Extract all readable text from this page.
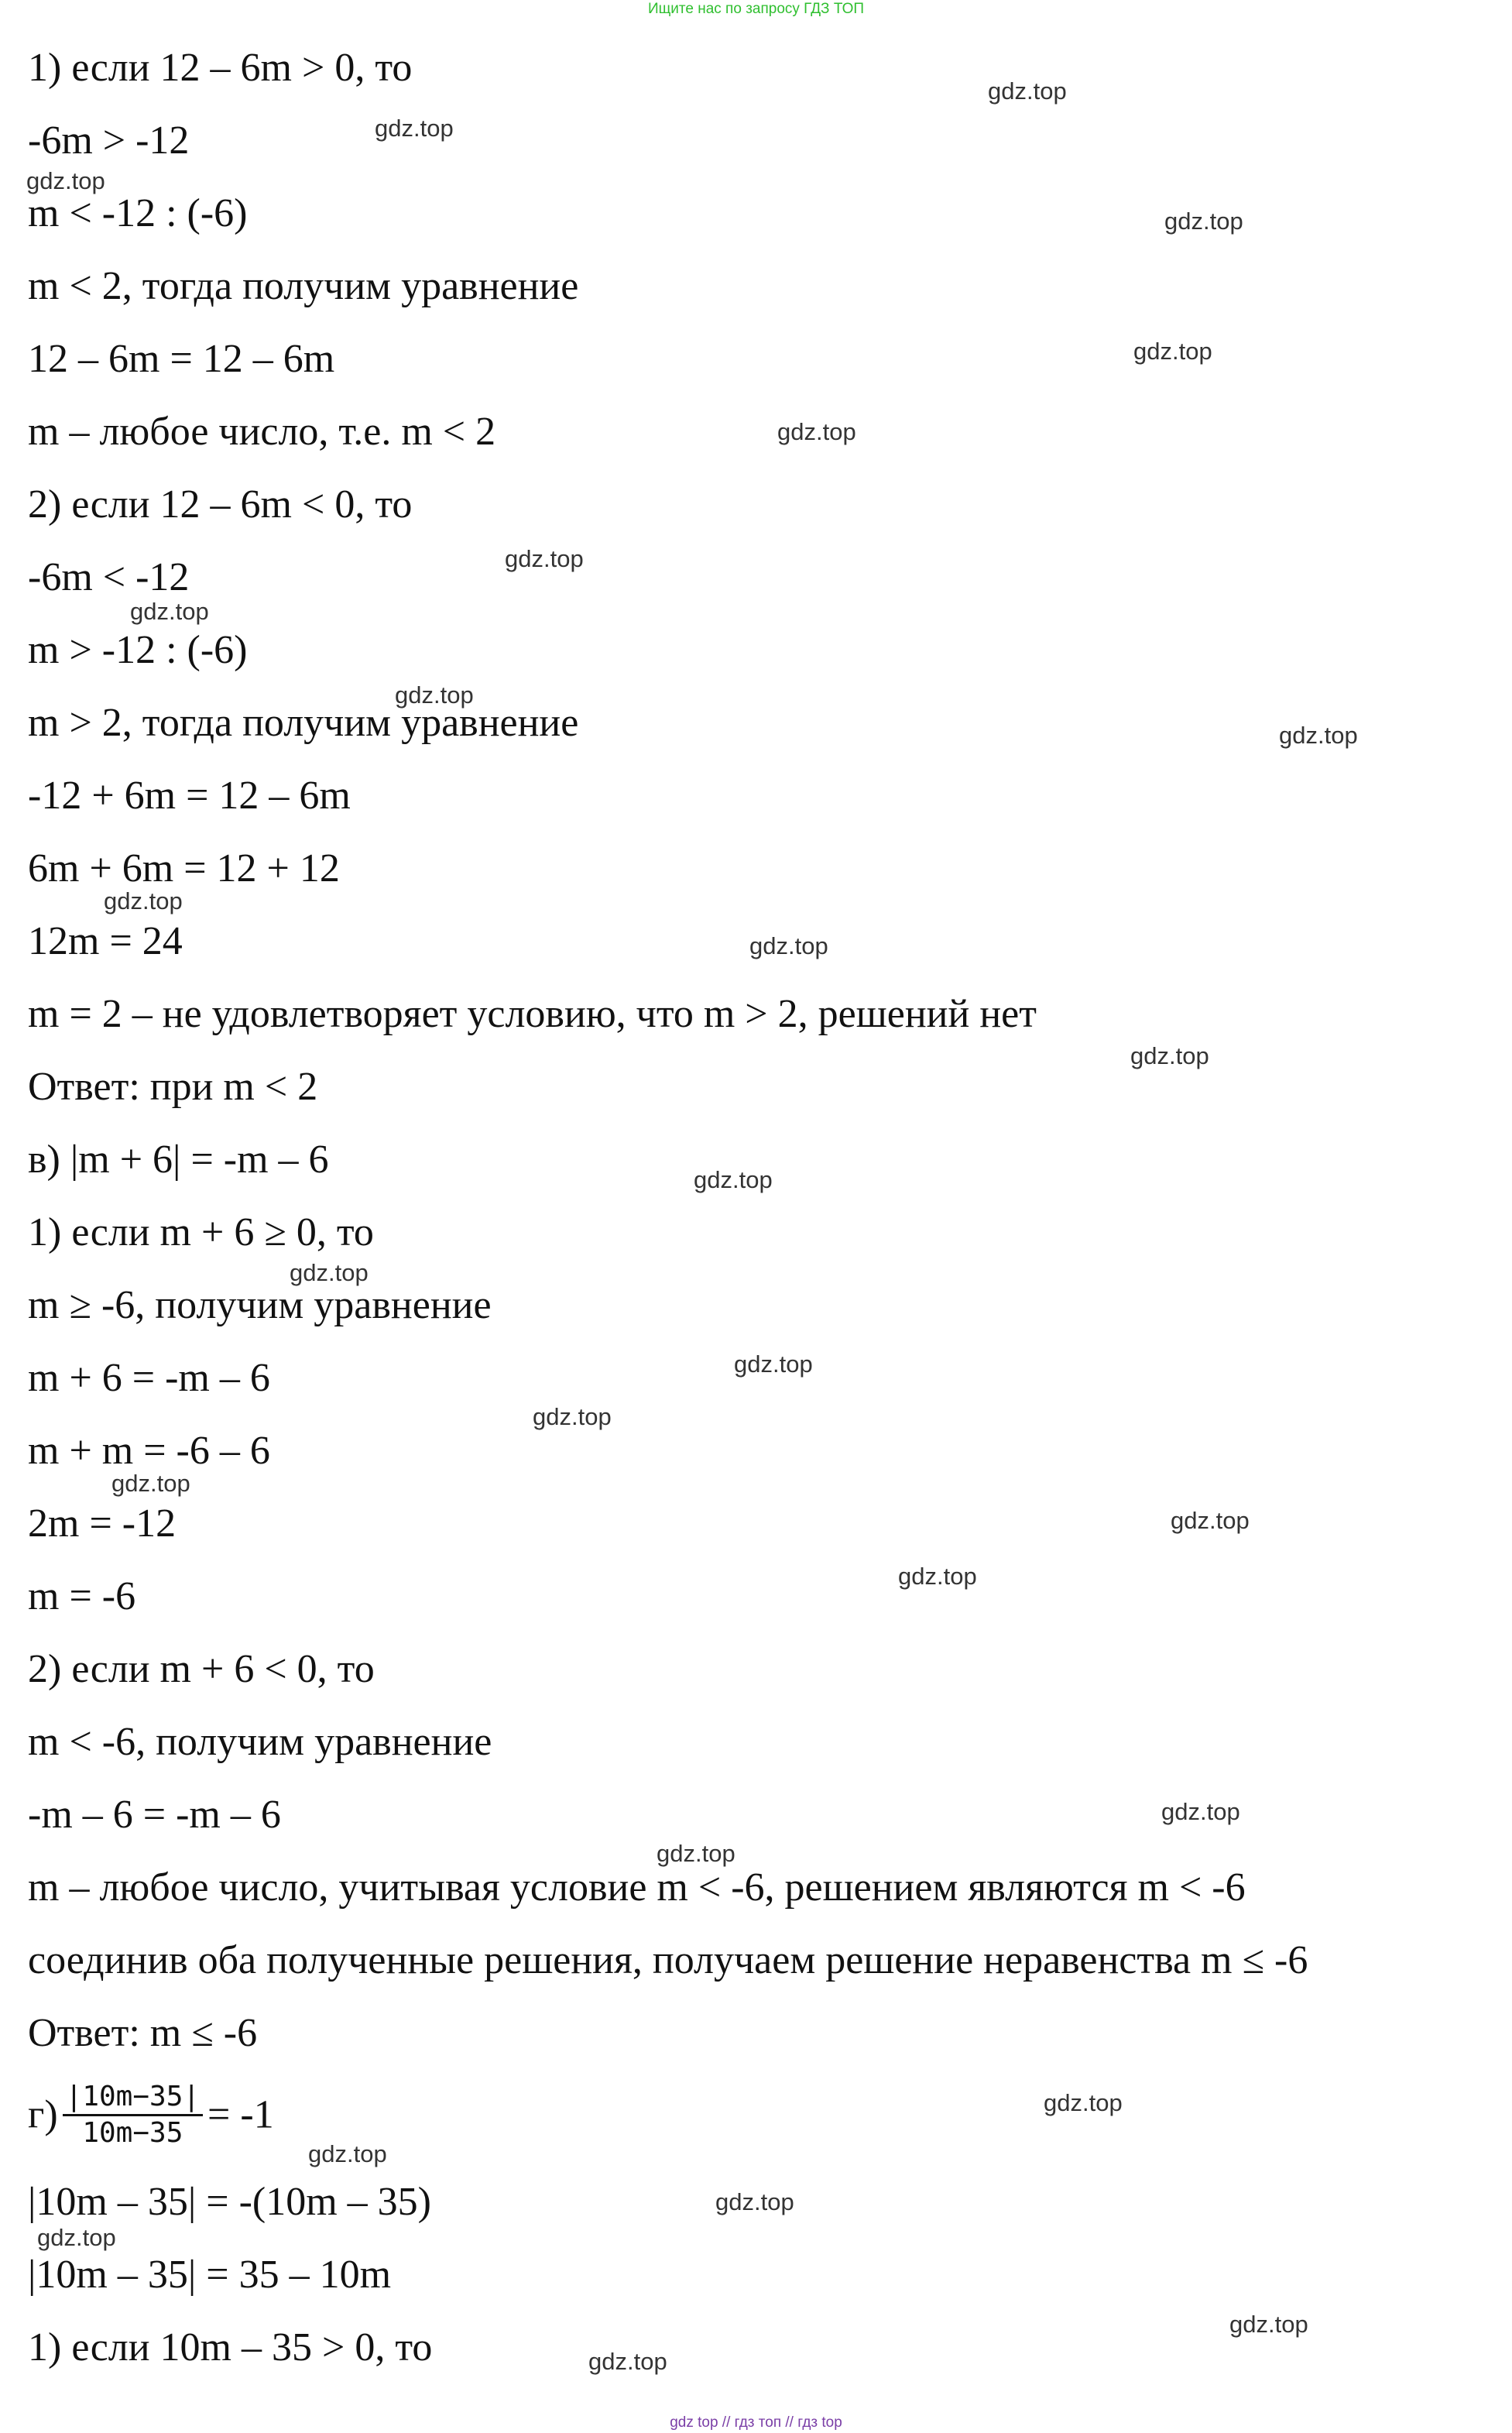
Ищите нас по запросу ГДЗ ТОП
1) если 12 – 6m > 0, то
-6m > -12
m < -12 : (-6)
m < 2, тогда получим уравнение
12 – 6m = 12 – 6m
m – любое число, т.е. m < 2
2) если 12 – 6m < 0, то
-6m < -12
m > -12 : (-6)
m > 2, тогда получим уравнение
-12 + 6m = 12 – 6m
6m + 6m = 12 + 12
12m = 24
m = 2 – не удовлетворяет условию, что m > 2, решений нет
Ответ: при m < 2
в) |m + 6| = -m – 6
1) если m + 6 ≥ 0, то
m ≥ -6, получим уравнение
m + 6 = -m – 6
m + m = -6 – 6
2m = -12
m = -6
2) если m + 6 < 0, то
m < -6, получим уравнение
-m – 6 = -m – 6
m – любое число, учитывая условие m < -6, решением являются m < -6
соединив оба полученные решения, получаем решение неравенства m ≤ -6
Ответ: m ≤ -6
$г) \frac{|10m-35|}{10m-35} = -1$
|10m – 35| = -(10m – 35)
|10m – 35| = 35 – 10m
1) если 10m – 35 > 0, то
gdz.top
gdz.top
gdz.top
gdz.top
gdz.top
gdz.top
gdz.top
gdz.top
gdz.top
gdz.top
gdz.top
gdz.top
gdz.top
gdz.top
gdz.top
gdz.top
gdz.top
gdz.top
gdz.top
gdz.top
gdz.top
gdz.top
gdz.top
gdz.top
gdz.top
gdz.top
gdz.top
gdz.top
gdz top // гдз топ // гдз top
